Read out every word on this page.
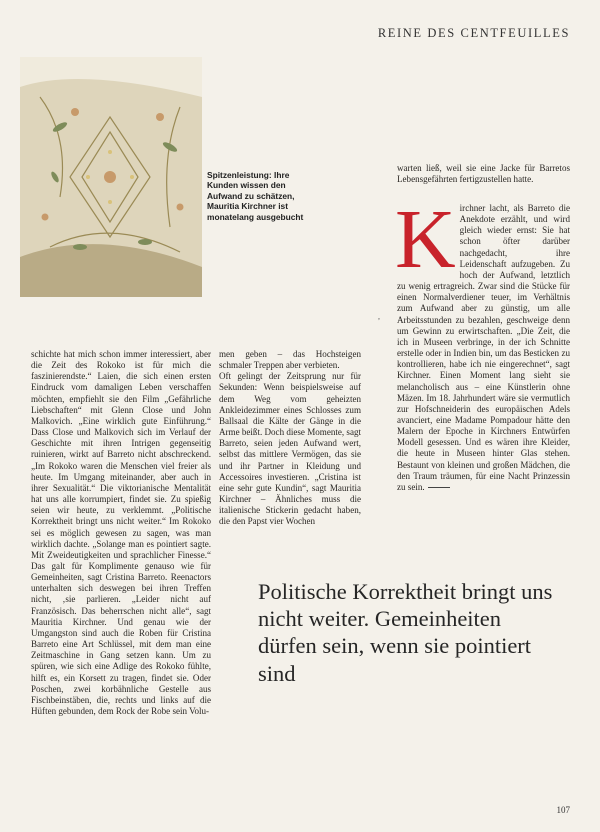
REINE DES CENTFEUILLES
Spitzenleistung: Ihre Kunden wissen den Aufwand zu schätzen, Mauritia Kirchner ist monatelang ausgebucht

schichte hat mich schon immer interessiert, aber die Zeit des Rokoko ist für mich die faszinierendste.“ Laien, die sich einen ersten Eindruck vom damaligen Leben verschaffen möchten, empfiehlt sie den Film „Gefährliche Liebschaften“ mit Glenn Close und John Malkovich. „Eine wirklich gute Einführung.“ Dass Close und Malkovich sich im Verlauf der Geschichte mit ihren Intrigen gegenseitig ruinieren, wirkt auf Barreto nicht abschreckend. „Im Rokoko waren die Menschen viel freier als heute. Im Umgang miteinander, aber auch in ihrer Sexualität.“ Die viktorianische Mentalität hat uns alle korrumpiert, findet sie. Zu spießig seien wir heute, zu verklemmt. „Politische Korrektheit bringt uns nicht weiter.“ Im Rokoko sei es möglich gewesen zu sagen, was man wirklich dachte. „Solange man es pointiert sagte. Mit Zweideutigkeiten und sprachlicher Finesse.“ Das galt für Komplimente genauso wie für Gemeinheiten, sagt Cristina Barreto. Reenactors unterhalten sich deswegen bei ihren Treffen nicht, ‚sie parlieren. „Leider nicht auf Französisch. Das beherrschen nicht alle“, sagt Mauritia Kirchner. Und genau wie der Umgangston sind auch die Roben für Cristina Barreto eine Art Schlüssel, mit dem man eine Zeitmaschine in Gang setzen kann. Um zu spüren, wie sich eine Adlige des Rokoko fühlte, hilft es, ein Korsett zu tragen, findet sie. Oder Poschen, zwei korbähnliche Gestelle aus Fischbeinstäben, die, rechts und links auf die Hüften gebunden, dem Rock der Robe sein Volu-

men geben – das Hochsteigen schmaler Treppen aber verbieten.

Oft gelingt der Zeitsprung nur für Sekunden: Wenn beispielsweise auf dem Weg vom geheizten Ankleidezimmer eines Schlosses zum Ballsaal die Kälte der Gänge in die Arme beißt. Doch diese Momente, sagt Barreto, seien jeden Aufwand wert, selbst das mittlere Vermögen, das sie und ihr Partner in Kleidung und Accessoires investieren. „Cristina ist eine sehr gute Kundin“, sagt Mauritia Kirchner – Ähnliches muss die italienische Stickerin gedacht haben, die den Papst vier Wochen

warten ließ, weil sie eine Jacke für Barretos Lebensgefährten fertigzustellen hatte.

Kirchner lacht, als Barreto die Anekdote erzählt, und wird gleich wieder ernst: Sie hat schon öfter darüber nachgedacht, ihre Leidenschaft aufzugeben. Zu hoch der Aufwand, letztlich zu wenig ertragreich. Zwar sind die Stücke für einen Normalverdiener teuer, im Verhältnis zum Aufwand aber zu günstig, um alle Arbeitsstunden zu bezahlen, geschweige denn um Gewinn zu erwirtschaften. „Die Zeit, die ich in Museen verbringe, in der ich Schnitte erstelle oder in Indien bin, um das Besticken zu kontrollieren, habe ich nie eingerechnet“, sagt Kirchner. Einen Moment lang sieht sie melancholisch aus – eine Künstlerin ohne Mäzen. Im 18. Jahrhundert wäre sie vermutlich zur Hofschneiderin des europäischen Adels avanciert, eine Madame Pompadour hätte den Malern der Epoche in Kirchners Entwürfen Modell gesessen. Und es wären ihre Kleider, die heute in Museen hinter Glas stehen. Bestaunt von kleinen und großen Mädchen, die den Traum träumen, für eine Nacht Prinzessin zu sein.

,
Politische Korrektheit bringt uns nicht weiter. Gemeinheiten dürfen sein, wenn sie pointiert sind
107
